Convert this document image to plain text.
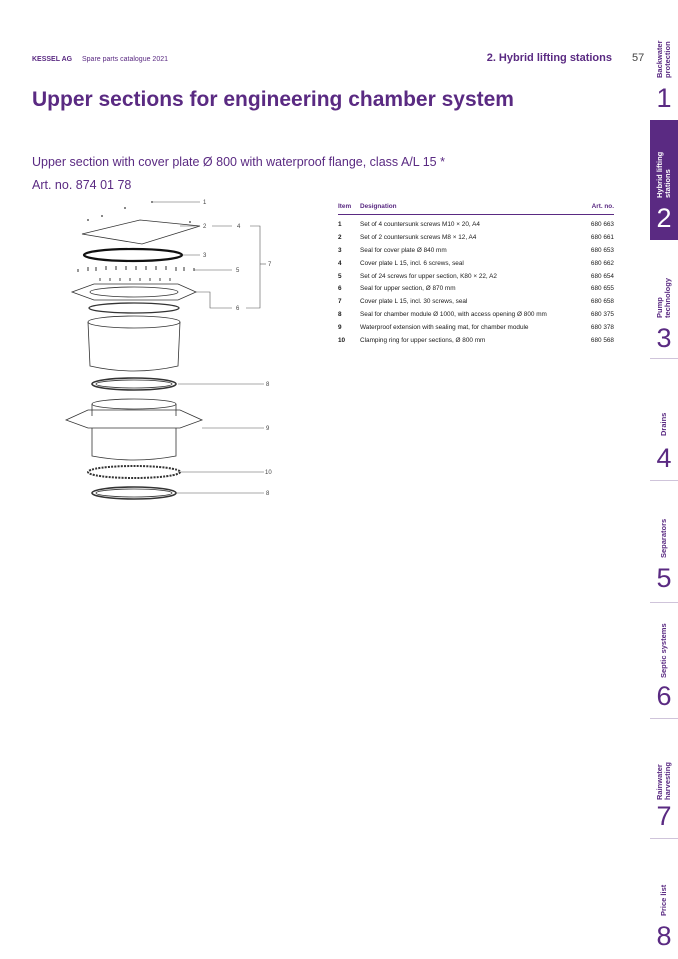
KESSEL AG Spare parts catalogue 2021	2. Hybrid lifting stations 57
Upper sections for engineering chamber system
Upper section with cover plate Ø 800 with waterproof flange, class A/L 15 *
Art. no. 874 01 78
1
2	4
3
7
5
6
8
9
10
8
Item	Designation	Art. no.
1	Set of 4 countersunk screws M10 × 20, A4	680 663
2	Set of 2 countersunk screws M8 × 12, A4	680 661
3	Seal for cover plate Ø 840 mm	680 653
4	Cover plate L 15, incl. 6 screws, seal	680 662
5	Set of 24 screws for upper section, K80 × 22, A2	680 654
6	Seal for upper section, Ø 870 mm	680 655
7	Cover plate L 15, incl. 30 screws, seal	680 658
8	Seal for chamber module Ø 1000, with access opening Ø 800 mm	680 375
9	Waterproof extension with sealing mat, for chamber module	680 378
10	Clamping ring for upper sections, Ø 800 mm	680 568
Backwater
protection
1
Hybrid lifting
stations
2
Pump
technology
3
Drains
4
Separators
5
Septic systems
6
Rainwater
harvesting
7
Price list
8
